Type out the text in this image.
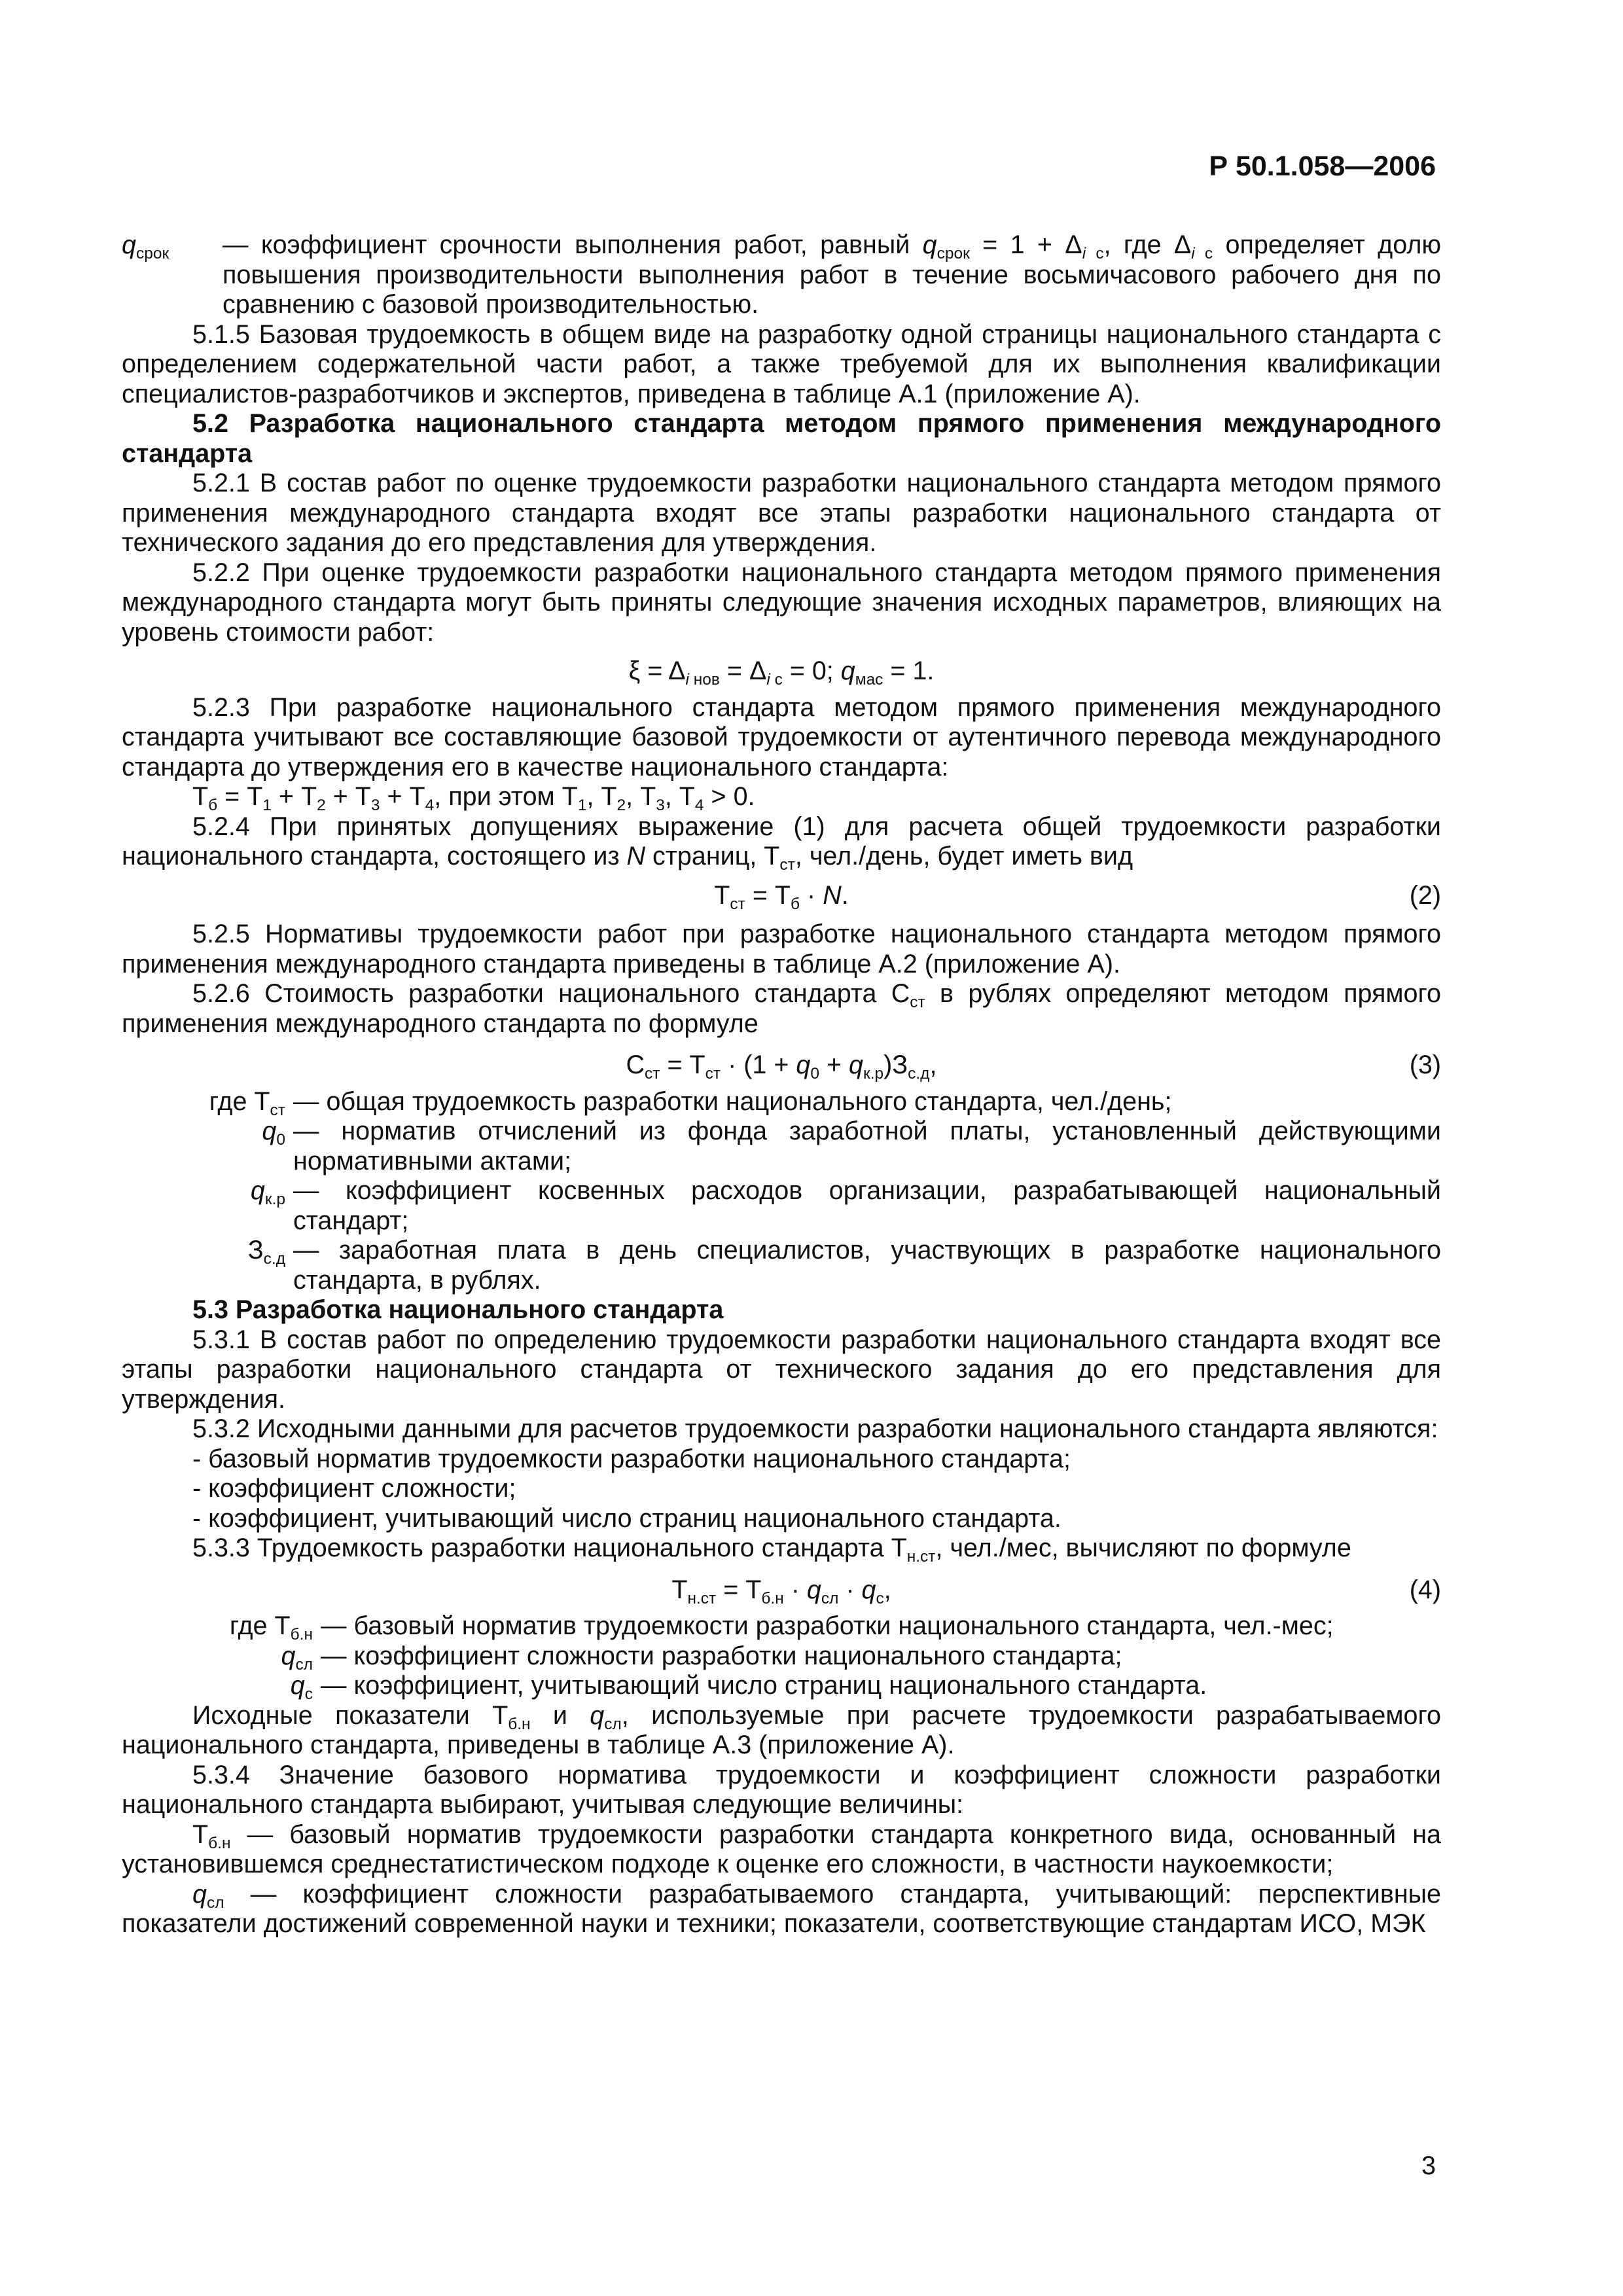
Р 50.1.058—2006
$q_{срок}$	— коэффициент срочности выполнения работ, равный $q_{срок} = 1 + \Delta_{i с}$, где $\Delta_{i с}$ определяет долю повышения производительности выполнения работ в течение восьмичасового рабочего дня по сравнению с базовой производительностью.
5.1.5 Базовая трудоемкость в общем виде на разработку одной страницы национального стандарта с определением содержательной части работ, а также требуемой для их выполнения квалификации специалистов-разработчиков и экспертов, приведена в таблице А.1 (приложение А).
5.2 Разработка национального стандарта методом прямого применения международного стандарта
5.2.1 В состав работ по оценке трудоемкости разработки национального стандарта методом прямого применения международного стандарта входят все этапы разработки национального стандарта от технического задания до его представления для утверждения.
5.2.2 При оценке трудоемкости разработки национального стандарта методом прямого применения международного стандарта могут быть приняты следующие значения исходных параметров, влияющих на уровень стоимости работ:
$\xi = \Delta_{i нов} = \Delta_{i с} = 0$; $q_{мас} = 1$.
5.2.3 При разработке национального стандарта методом прямого применения международного стандарта учитывают все составляющие базовой трудоемкости от аутентичного перевода международного стандарта до утверждения его в качестве национального стандарта:
$Т_б = Т_1 + Т_2 + Т_3 + Т_4$, при этом $Т_1$, $Т_2$, $Т_3$, $Т_4 > 0$.
5.2.4 При принятых допущениях выражение (1) для расчета общей трудоемкости разработки национального стандарта, состоящего из N страниц, $Т_{ст}$, чел./день, будет иметь вид
$Т_{ст} = Т_б \cdot N$.	(2)
5.2.5 Нормативы трудоемкости работ при разработке национального стандарта методом прямого применения международного стандарта приведены в таблице А.2 (приложение А).
5.2.6 Стоимость разработки национального стандарта $С_{ст}$ в рублях определяют методом прямого применения международного стандарта по формуле
$С_{ст} = Т_{ст} \cdot (1 + q_0 + q_{к.р})З_{с.д}$,	(3)
где $Т_{ст}$ — общая трудоемкость разработки национального стандарта, чел./день;
$q_0$ — норматив отчислений из фонда заработной платы, установленный действующими нормативными актами;
$q_{к.р}$ — коэффициент косвенных расходов организации, разрабатывающей национальный стандарт;
$З_{с.д}$ — заработная плата в день специалистов, участвующих в разработке национального стандарта, в рублях.
5.3 Разработка национального стандарта
5.3.1 В состав работ по определению трудоемкости разработки национального стандарта входят все этапы разработки национального стандарта от технического задания до его представления для утверждения.
5.3.2 Исходными данными для расчетов трудоемкости разработки национального стандарта являются:
- базовый норматив трудоемкости разработки национального стандарта;
- коэффициент сложности;
- коэффициент, учитывающий число страниц национального стандарта.
5.3.3 Трудоемкость разработки национального стандарта $Т_{н.ст}$, чел./мес, вычисляют по формуле
$Т_{н.ст} = Т_{б.н} \cdot q_{сл} \cdot q_с$,	(4)
где $Т_{б.н}$ — базовый норматив трудоемкости разработки национального стандарта, чел.-мес;
$q_{сл}$ — коэффициент сложности разработки национального стандарта;
$q_с$ — коэффициент, учитывающий число страниц национального стандарта.
Исходные показатели $Т_{б.н}$ и $q_{сл}$, используемые при расчете трудоемкости разрабатываемого национального стандарта, приведены в таблице А.3 (приложение А).
5.3.4 Значение базового норматива трудоемкости и коэффициент сложности разработки национального стандарта выбирают, учитывая следующие величины:
$Т_{б.н}$ — базовый норматив трудоемкости разработки стандарта конкретного вида, основанный на установившемся среднестатистическом подходе к оценке его сложности, в частности наукоемкости;
$q_{сл}$ — коэффициент сложности разрабатываемого стандарта, учитывающий: перспективные показатели достижений современной науки и техники; показатели, соответствующие стандартам ИСО, МЭК
3
